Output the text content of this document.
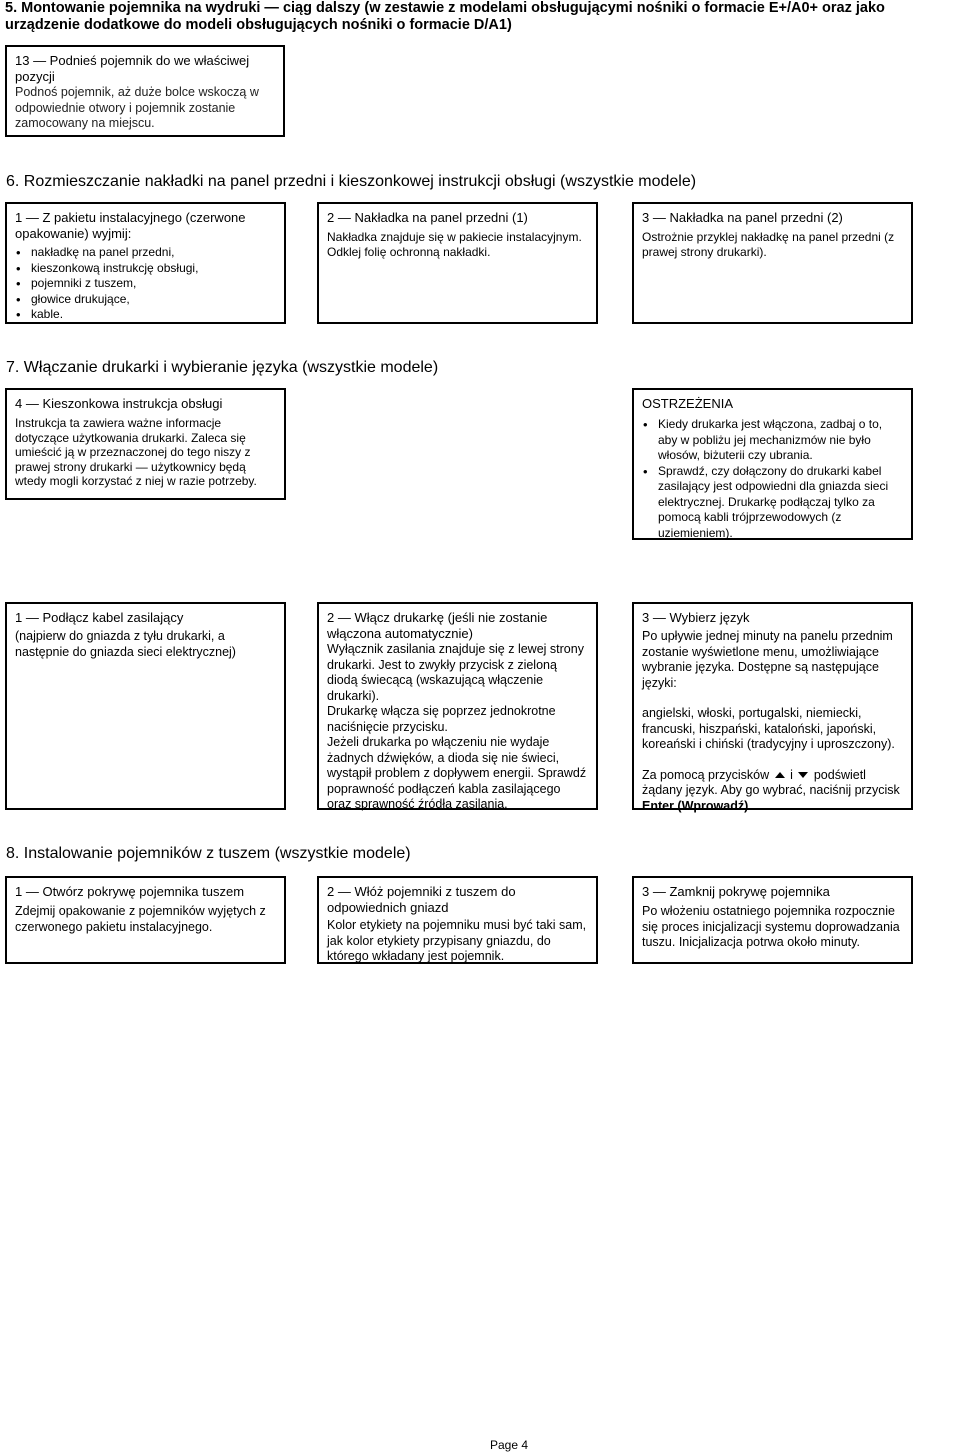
5. Montowanie pojemnika na wydruki — ciąg dalszy (w zestawie z modelami obsługującymi nośniki o formacie E+/A0+ oraz jako
urządzenie dodatkowe do modeli obsługujących nośniki o formacie D/A1)
13 — Podnieś pojemnik do we właściwej pozycji

Podnoś pojemnik, aż duże bolce wskoczą w odpowiednie otwory i pojemnik zostanie zamocowany na miejscu.

6. Rozmieszczanie nakładki na panel przedni i kieszonkowej instrukcji obsługi (wszystkie modele)
1 — Z pakietu instalacyjnego (czerwone opakowanie) wyjmij:
• nakładkę na panel przedni,
• kieszonkową instrukcję obsługi,
• pojemniki z tuszem,
• głowice drukujące,
• kable.
2 — Nakładka na panel przedni (1)

Nakładka znajduje się w pakiecie instalacyjnym. Odklej folię ochronną nakładki.

3 — Nakładka na panel przedni (2)

Ostrożnie przyklej nakładkę na panel przedni (z prawej strony drukarki).

7. Włączanie drukarki i wybieranie języka (wszystkie modele)
4 — Kieszonkowa instrukcja obsługi

Instrukcja ta zawiera ważne informacje dotyczące użytkowania drukarki. Zaleca się umieścić ją w przeznaczonej do tego niszy z prawej strony drukarki — użytkownicy będą wtedy mogli korzystać z niej w razie potrzeby.

OSTRZEŻENIA
• Kiedy drukarka jest włączona, zadbaj o to, aby w pobliżu jej mechanizmów nie było włosów, biżuterii czy ubrania.
• Sprawdź, czy dołączony do drukarki kabel zasilający jest odpowiedni dla gniazda sieci elektrycznej. Drukarkę podłączaj tylko za pomocą kabli trójprzewodowych (z uziemieniem).
1 — Podłącz kabel zasilający

(najpierw do gniazda z tyłu drukarki, a następnie do gniazda sieci elektrycznej)

2 — Włącz drukarkę (jeśli nie zostanie włączona automatycznie)

Wyłącznik zasilania znajduje się z lewej strony drukarki. Jest to zwykły przycisk z zieloną diodą świecącą (wskazującą włączenie drukarki).

Drukarkę włącza się poprzez jednokrotne naciśnięcie przycisku.

Jeżeli drukarka po włączeniu nie wydaje żadnych dźwięków, a dioda się nie świeci, wystąpił problem z dopływem energii. Sprawdź poprawność podłączeń kabla zasilającego oraz sprawność źródła zasilania.

3 — Wybierz język

Po upływie jednej minuty na panelu przednim zostanie wyświetlone menu, umożliwiające wybranie języka. Dostępne są następujące języki:

angielski, włoski, portugalski, niemiecki, francuski, hiszpański, kataloński, japoński, koreański i chiński (tradycyjny i uproszczony).

Za pomocą przycisków i podświetl żądany język. Aby go wybrać, naciśnij przycisk Enter (Wprowadź).

8. Instalowanie pojemników z tuszem (wszystkie modele)
1 — Otwórz pokrywę pojemnika tuszem

Zdejmij opakowanie z pojemników wyjętych z czerwonego pakietu instalacyjnego.

2 — Włóż pojemniki z tuszem do odpowiednich gniazd

Kolor etykiety na pojemniku musi być taki sam, jak kolor etykiety przypisany gniazdu, do którego wkładany jest pojemnik.

3 — Zamknij pokrywę pojemnika

Po włożeniu ostatniego pojemnika rozpocznie się proces inicjalizacji systemu doprowadzania tuszu. Inicjalizacja potrwa około minuty.

Page 4
